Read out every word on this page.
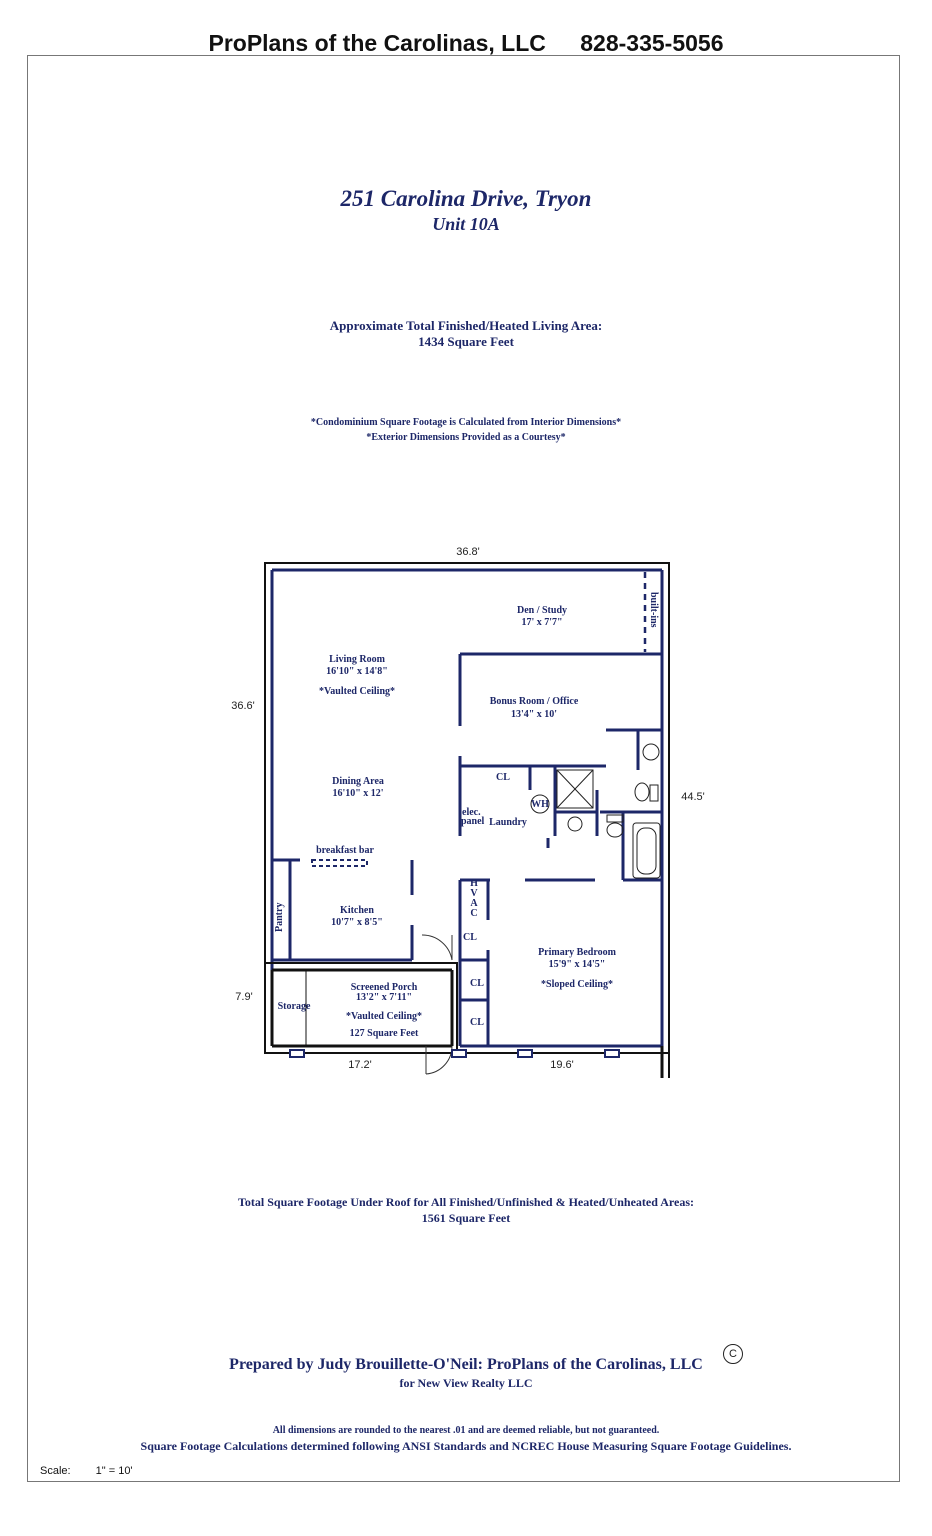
ProPlans of the Carolinas, LLC 828-335-5056
251 Carolina Drive, Tryon
Unit 10A
Approximate Total Finished/Heated Living Area:
1434 Square Feet
*Condominium Square Footage is Calculated from Interior Dimensions*
*Exterior Dimensions Provided as a Courtesy*
36.8'
36.6'
44.5'
7.9'
17.2'	19.6'
Den / Study
17' x 7'7"	built-ins
Living Room
16'10" x 14'8"
*Vaulted Ceiling*
Bonus Room / Office
13'4" x 10'
Dining Area
16'10" x 12'
CL
elec.
panel Laundry
WH
breakfast bar
H
V
A
C
CL
CL
CL
Pantry	Kitchen
10'7" x 8'5"
Primary Bedroom
15'9" x 14'5"
*Sloped Ceiling*
Screened Porch
13'2" x 7'11"
*Vaulted Ceiling*
127 Square Feet
Storage
Total Square Footage Under Roof for All Finished/Unfinished & Heated/Unheated Areas:
1561 Square Feet
Prepared by Judy Brouillette-O'Neil: ProPlans of the Carolinas, LLC
C
for New View Realty LLC
All dimensions are rounded to the nearest .01 and are deemed reliable, but not guaranteed.
Square Footage Calculations determined following ANSI Standards and NCREC House Measuring Square Footage Guidelines.
Scale: 1" = 10'
